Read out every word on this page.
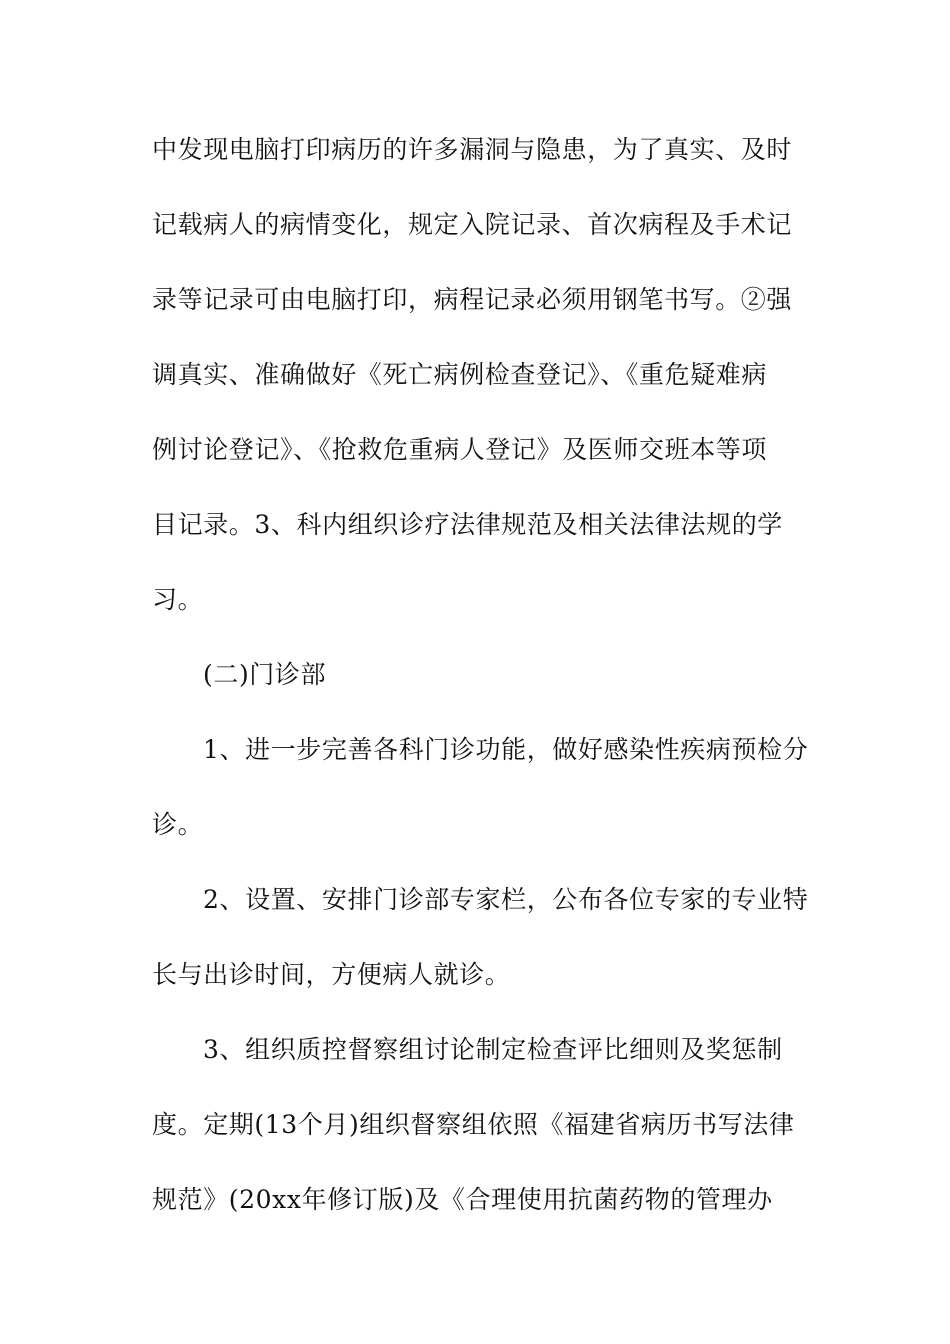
中发现电脑打印病历的许多漏洞与隐患，为了真实、及时
记载病人的病情变化，规定入院记录、首次病程及手术记
录等记录可由电脑打印，病程记录必须用钢笔书写。②强
调真实、准确做好《死亡病例检查登记》、《重危疑难病
例讨论登记》、《抢救危重病人登记》及医师交班本等项
目记录。3、科内组织诊疗法律规范及相关法律法规的学
习。
(二)门诊部
1、进一步完善各科门诊功能，做好感染性疾病预检分
诊。
2、设置、安排门诊部专家栏，公布各位专家的专业特
长与出诊时间，方便病人就诊。
3、组织质控督察组讨论制定检查评比细则及奖惩制
度。定期(13个月)组织督察组依照《福建省病历书写法律
规范》(20xx年修订版)及《合理使用抗菌药物的管理办
